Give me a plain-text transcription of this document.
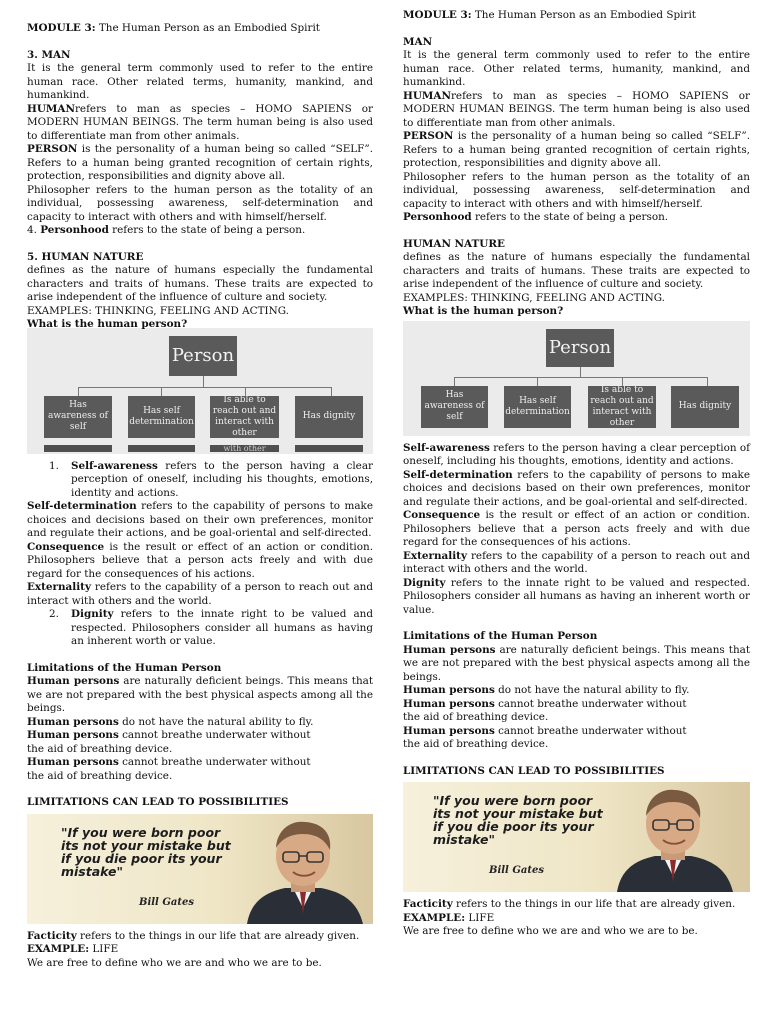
MODULE 3: The Human Person as an Embodied Spirit

3. MAN

It is the general term commonly used to refer to the entire human race. Other related terms, humanity, mankind, and humankind.

HUMANrefers to man as species – HOMO SAPIENS or MODERN HUMAN BEINGS. The term human being is also used to differentiate man from other animals.

PERSON is the personality of a human being so called “SELF”. Refers to a human being granted recognition of certain rights, protection, responsibilities and dignity above all.

Philosopher refers to the human person as the totality of an individual, possessing awareness, self-determination and capacity to interact with others and with himself/herself.

4. Personhood refers to the state of being a person.

5. HUMAN NATURE

defines as the nature of humans especially the fundamental characters and traits of humans. These traits are expected to arise independent of the influence of culture and society.

EXAMPLES: THINKING, FEELING AND ACTING.

What is the human person?

Person
Has awareness of self
Has self determination
Is able to reach out and interact with other
Has dignity
with other
1. Self-awareness refers to the person having a clear perception of oneself, including his thoughts, emotions, identity and actions.

Self-determination refers to the capability of persons to make choices and decisions based on their own preferences, monitor and regulate their actions, and be goal-oriental and self-directed.

Consequence is the result or effect of an action or condition. Philosophers believe that a person acts freely and with due regard for the consequences of his actions.

Externality refers to the capability of a person to reach out and interact with others and the world.

2. Dignity refers to the innate right to be valued and respected. Philosophers consider all humans as having an inherent worth or value.

Limitations of the Human Person

Human persons are naturally deficient beings. This means that we are not prepared with the best physical aspects among all the beings.

Human persons do not have the natural ability to fly.

Human persons cannot breathe underwater without the aid of breathing device.

Human persons cannot breathe underwater without the aid of breathing device.

LIMITATIONS CAN LEAD TO POSSIBILITIES

"If you were born poor its not your mistake but if you die poor its your mistake"
Bill Gates

Facticity refers to the things in our life that are already given.

EXAMPLE: LIFE

We are free to define who we are and who we are to be.

MODULE 3: The Human Person as an Embodied Spirit

MAN

It is the general term commonly used to refer to the entire human race. Other related terms, humanity, mankind, and humankind.

HUMANrefers to man as species – HOMO SAPIENS or MODERN HUMAN BEINGS. The term human being is also used to differentiate man from other animals.

PERSON is the personality of a human being so called “SELF”. Refers to a human being granted recognition of certain rights, protection, responsibilities and dignity above all.

Philosopher refers to the human person as the totality of an individual, possessing awareness, self-determination and capacity to interact with others and with himself/herself.

Personhood refers to the state of being a person.

HUMAN NATURE

defines as the nature of humans especially the fundamental characters and traits of humans. These traits are expected to arise independent of the influence of culture and society.

EXAMPLES: THINKING, FEELING AND ACTING.

What is the human person?

Person
Has awareness of self
Has self determination
Is able to reach out and interact with other
Has dignity

Self-awareness refers to the person having a clear perception of oneself, including his thoughts, emotions, identity and actions.

Self-determination refers to the capability of persons to make choices and decisions based on their own preferences, monitor and regulate their actions, and be goal-oriental and self-directed.

Consequence is the result or effect of an action or condition. Philosophers believe that a person acts freely and with due regard for the consequences of his actions.

Externality refers to the capability of a person to reach out and interact with others and the world.

Dignity refers to the innate right to be valued and respected. Philosophers consider all humans as having an inherent worth or value.

Limitations of the Human Person

Human persons are naturally deficient beings. This means that we are not prepared with the best physical aspects among all the beings.

Human persons do not have the natural ability to fly.

Human persons cannot breathe underwater without the aid of breathing device.

Human persons cannot breathe underwater without the aid of breathing device.

LIMITATIONS CAN LEAD TO POSSIBILITIES

"If you were born poor its not your mistake but if you die poor its your mistake"
Bill Gates

Facticity refers to the things in our life that are already given.

EXAMPLE: LIFE

We are free to define who we are and who we are to be.
